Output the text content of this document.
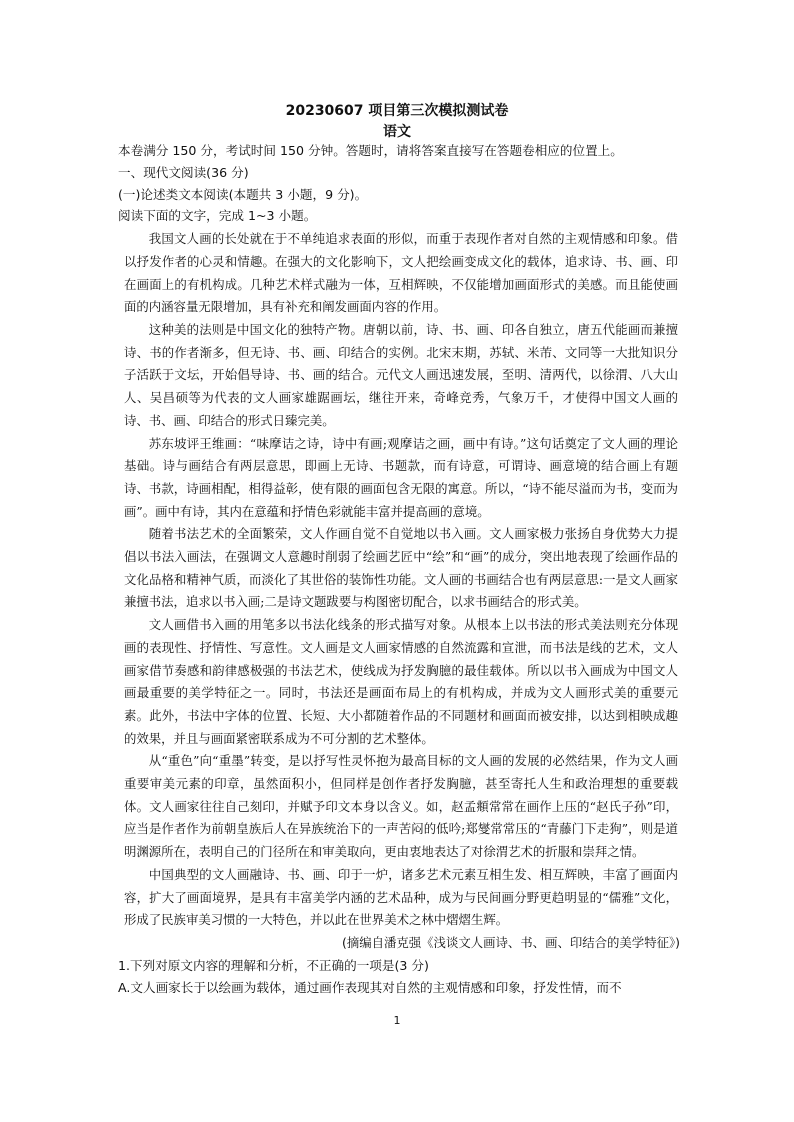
20230607 项目第三次模拟测试卷
语文

本卷满分 150 分，考试时间 150 分钟。答题时，请将答案直接写在答题卷相应的位置上。

一、现代文阅读(36 分)

(一)论述类文本阅读(本题共 3 小题，9 分)。

阅读下面的文字，完成 1~3 小题。

我国文人画的长处就在于不单纯追求表面的形似，而重于表现作者对自然的主观情感和印象。借以抒发作者的心灵和情趣。在强大的文化影响下，文人把绘画变成文化的载体，追求诗、书、画、印在画面上的有机构成。几种艺术样式融为一体，互相辉映，不仅能增加画面形式的美感。而且能使画面的内涵容量无限增加，具有补充和阐发画面内容的作用。

这种美的法则是中国文化的独特产物。唐朝以前，诗、书、画、印各自独立，唐五代能画而兼擅诗、书的作者渐多，但无诗、书、画、印结合的实例。北宋末期，苏轼、米芾、文同等一大批知识分子活跃于文坛，开始倡导诗、书、画的结合。元代文人画迅速发展，至明、清两代，以徐渭、八大山人、吴昌硕等为代表的文人画家雄踞画坛，继往开来，奇峰竞秀，气象万千，才使得中国文人画的诗、书、画、印结合的形式日臻完美。

苏东坡评王维画：“味摩诘之诗，诗中有画;观摩诘之画，画中有诗。”这句话奠定了文人画的理论基础。诗与画结合有两层意思，即画上无诗、书题款，而有诗意，可谓诗、画意境的结合画上有题诗、书款，诗画相配，相得益彰，使有限的画面包含无限的寓意。所以，“诗不能尽溢而为书，变而为画”。画中有诗，其内在意蕴和抒情色彩就能丰富并提高画的意境。

随着书法艺术的全面繁荣，文人作画自觉不自觉地以书入画。文人画家极力张扬自身优势大力提倡以书法入画法，在强调文人意趣时削弱了绘画艺匠中“绘”和“画”的成分，突出地表现了绘画作品的文化品格和精神气质，而淡化了其世俗的装饰性功能。文人画的书画结合也有两层意思:一是文人画家兼擅书法，追求以书入画;二是诗文题跋要与构图密切配合，以求书画结合的形式美。

文人画借书入画的用笔多以书法化线条的形式描写对象。从根本上以书法的形式美法则充分体现画的表现性、抒情性、写意性。文人画是文人画家情感的自然流露和宣泄，而书法是线的艺术，文人画家借节奏感和韵律感极强的书法艺术，使线成为抒发胸臆的最佳载体。所以以书入画成为中国文人画最重要的美学特征之一。同时，书法还是画面布局上的有机构成，并成为文人画形式美的重要元素。此外，书法中字体的位置、长短、大小都随着作品的不同题材和画面而被安排，以达到相映成趣的效果，并且与画面紧密联系成为不可分割的艺术整体。

从“重色”向“重墨”转变，是以抒写性灵怀抱为最高目标的文人画的发展的必然结果，作为文人画重要审美元素的印章，虽然面积小，但同样是创作者抒发胸臆，甚至寄托人生和政治理想的重要载体。文人画家往往自己刻印，并赋予印文本身以含义。如，赵孟頫常常在画作上压的“赵氏子孙”印，应当是作者作为前朝皇族后人在异族统治下的一声苦闷的低吟;郑燮常常压的“青藤门下走狗”，则是道明渊源所在，表明自己的门径所在和审美取向，更由衷地表达了对徐渭艺术的折服和崇拜之情。

中国典型的文人画融诗、书、画、印于一炉，诸多艺术元素互相生发、相互辉映，丰富了画面内容，扩大了画面境界，是具有丰富美学内涵的艺术品种，成为与民间画分野更趋明显的“儒雅”文化，形成了民族审美习惯的一大特色，并以此在世界美术之林中熠熠生辉。

(摘编自潘克强《浅谈文人画诗、书、画、印结合的美学特征》)

1.下列对原文内容的理解和分析，不正确的一项是(3 分)

A.文人画家长于以绘画为载体，通过画作表现其对自然的主观情感和印象，抒发性情，而不

1
